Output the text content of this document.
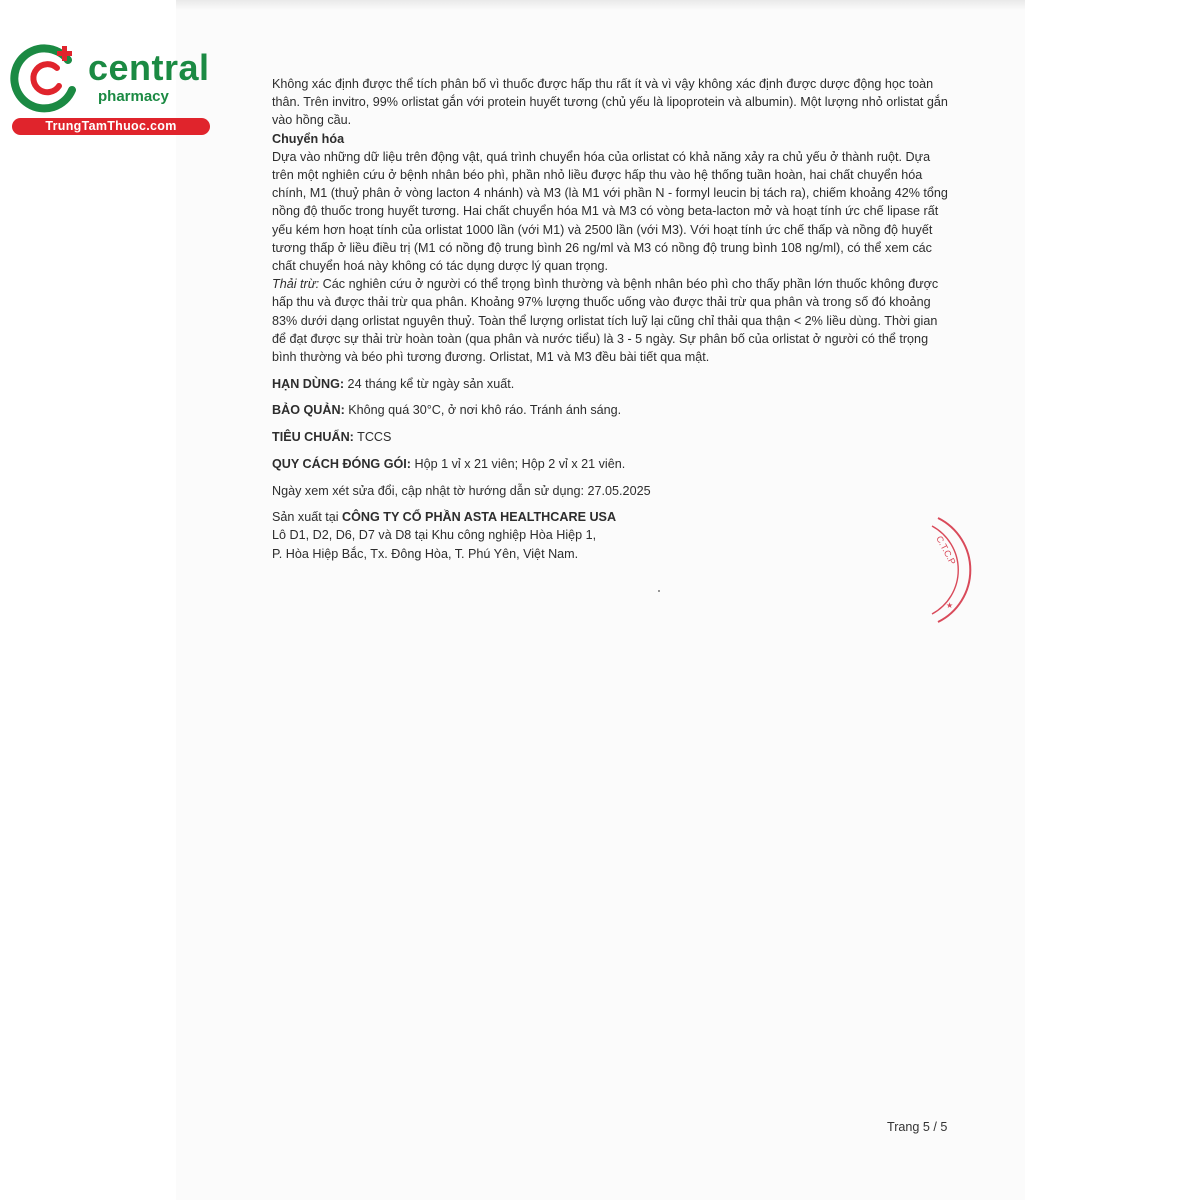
central
pharmacy
TrungTamThuoc.com

Không xác định được thể tích phân bố vì thuốc được hấp thu rất ít và vì vậy không xác định được dược động học toàn thân. Trên invitro, 99% orlistat gắn với protein huyết tương (chủ yếu là lipoprotein và albumin). Một lượng nhỏ orlistat gắn vào hồng cầu.

Chuyển hóa

Dựa vào những dữ liệu trên động vật, quá trình chuyển hóa của orlistat có khả năng xảy ra chủ yếu ở thành ruột. Dựa trên một nghiên cứu ở bệnh nhân béo phì, phần nhỏ liều được hấp thu vào hệ thống tuần hoàn, hai chất chuyển hóa chính, M1 (thuỷ phân ở vòng lacton 4 nhánh) và M3 (là M1 với phần N - formyl leucin bị tách ra), chiếm khoảng 42% tổng nồng độ thuốc trong huyết tương. Hai chất chuyển hóa M1 và M3 có vòng beta-lacton mở và hoạt tính ức chế lipase rất yếu kém hơn hoạt tính của orlistat 1000 lần (với M1) và 2500 lần (với M3). Với hoạt tính ức chế thấp và nồng độ huyết tương thấp ở liều điều trị (M1 có nồng độ trung bình 26 ng/ml và M3 có nồng độ trung bình 108 ng/ml), có thể xem các chất chuyển hoá này không có tác dụng dược lý quan trọng.

Thải trừ: Các nghiên cứu ở người có thể trọng bình thường và bệnh nhân béo phì cho thấy phần lớn thuốc không được hấp thu và được thải trừ qua phân. Khoảng 97% lượng thuốc uống vào được thải trừ qua phân và trong số đó khoảng 83% dưới dạng orlistat nguyên thuỷ. Toàn thể lượng orlistat tích luỹ lại cũng chỉ thải qua thận < 2% liều dùng. Thời gian để đạt được sự thải trừ hoàn toàn (qua phân và nước tiểu) là 3 - 5 ngày. Sự phân bố của orlistat ở người có thể trọng bình thường và béo phì tương đương. Orlistat, M1 và M3 đều bài tiết qua mật.

HẠN DÙNG: 24 tháng kể từ ngày sản xuất.

BẢO QUẢN: Không quá 30°C, ở nơi khô ráo. Tránh ánh sáng.

TIÊU CHUẨN: TCCS

QUY CÁCH ĐÓNG GÓI: Hộp 1 vỉ x 21 viên; Hộp 2 vỉ x 21 viên.

Ngày xem xét sửa đổi, cập nhật tờ hướng dẫn sử dụng: 27.05.2025

Sản xuất tại CÔNG TY CỔ PHẦN ASTA HEALTHCARE USA

Lô D1, D2, D6, D7 và D8 tại Khu công nghiệp Hòa Hiệp 1,

P. Hòa Hiệp Bắc, Tx. Đông Hòa, T. Phú Yên, Việt Nam.	C.T.C.P
★
Trang 5 / 5
